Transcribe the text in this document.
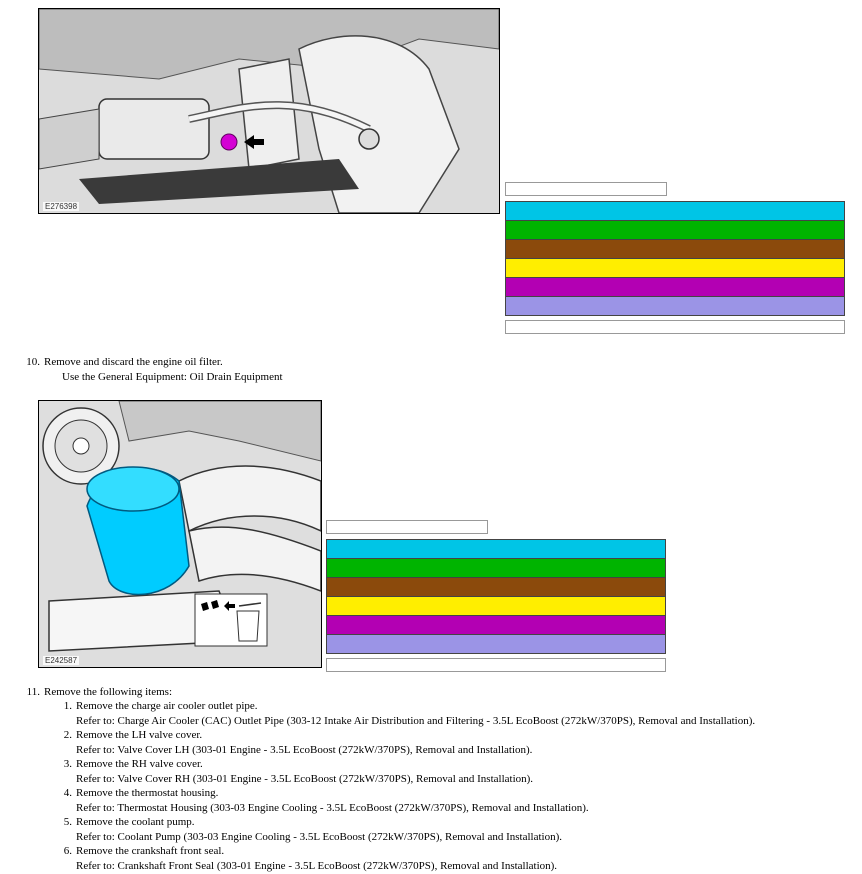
E276398
10. Remove and discard the engine oil filter.
Use the General Equipment: Oil Drain Equipment
E242587
11. Remove the following items:
1. Remove the charge air cooler outlet pipe.
Refer to: Charge Air Cooler (CAC) Outlet Pipe (303-12 Intake Air Distribution and Filtering - 3.5L EcoBoost (272kW/370PS), Removal and Installation).
2. Remove the LH valve cover.
Refer to: Valve Cover LH (303-01 Engine - 3.5L EcoBoost (272kW/370PS), Removal and Installation).
3. Remove the RH valve cover.
Refer to: Valve Cover RH (303-01 Engine - 3.5L EcoBoost (272kW/370PS), Removal and Installation).
4. Remove the thermostat housing.
Refer to: Thermostat Housing (303-03 Engine Cooling - 3.5L EcoBoost (272kW/370PS), Removal and Installation).
5. Remove the coolant pump.
Refer to: Coolant Pump (303-03 Engine Cooling - 3.5L EcoBoost (272kW/370PS), Removal and Installation).
6. Remove the crankshaft front seal.
Refer to: Crankshaft Front Seal (303-01 Engine - 3.5L EcoBoost (272kW/370PS), Removal and Installation).
